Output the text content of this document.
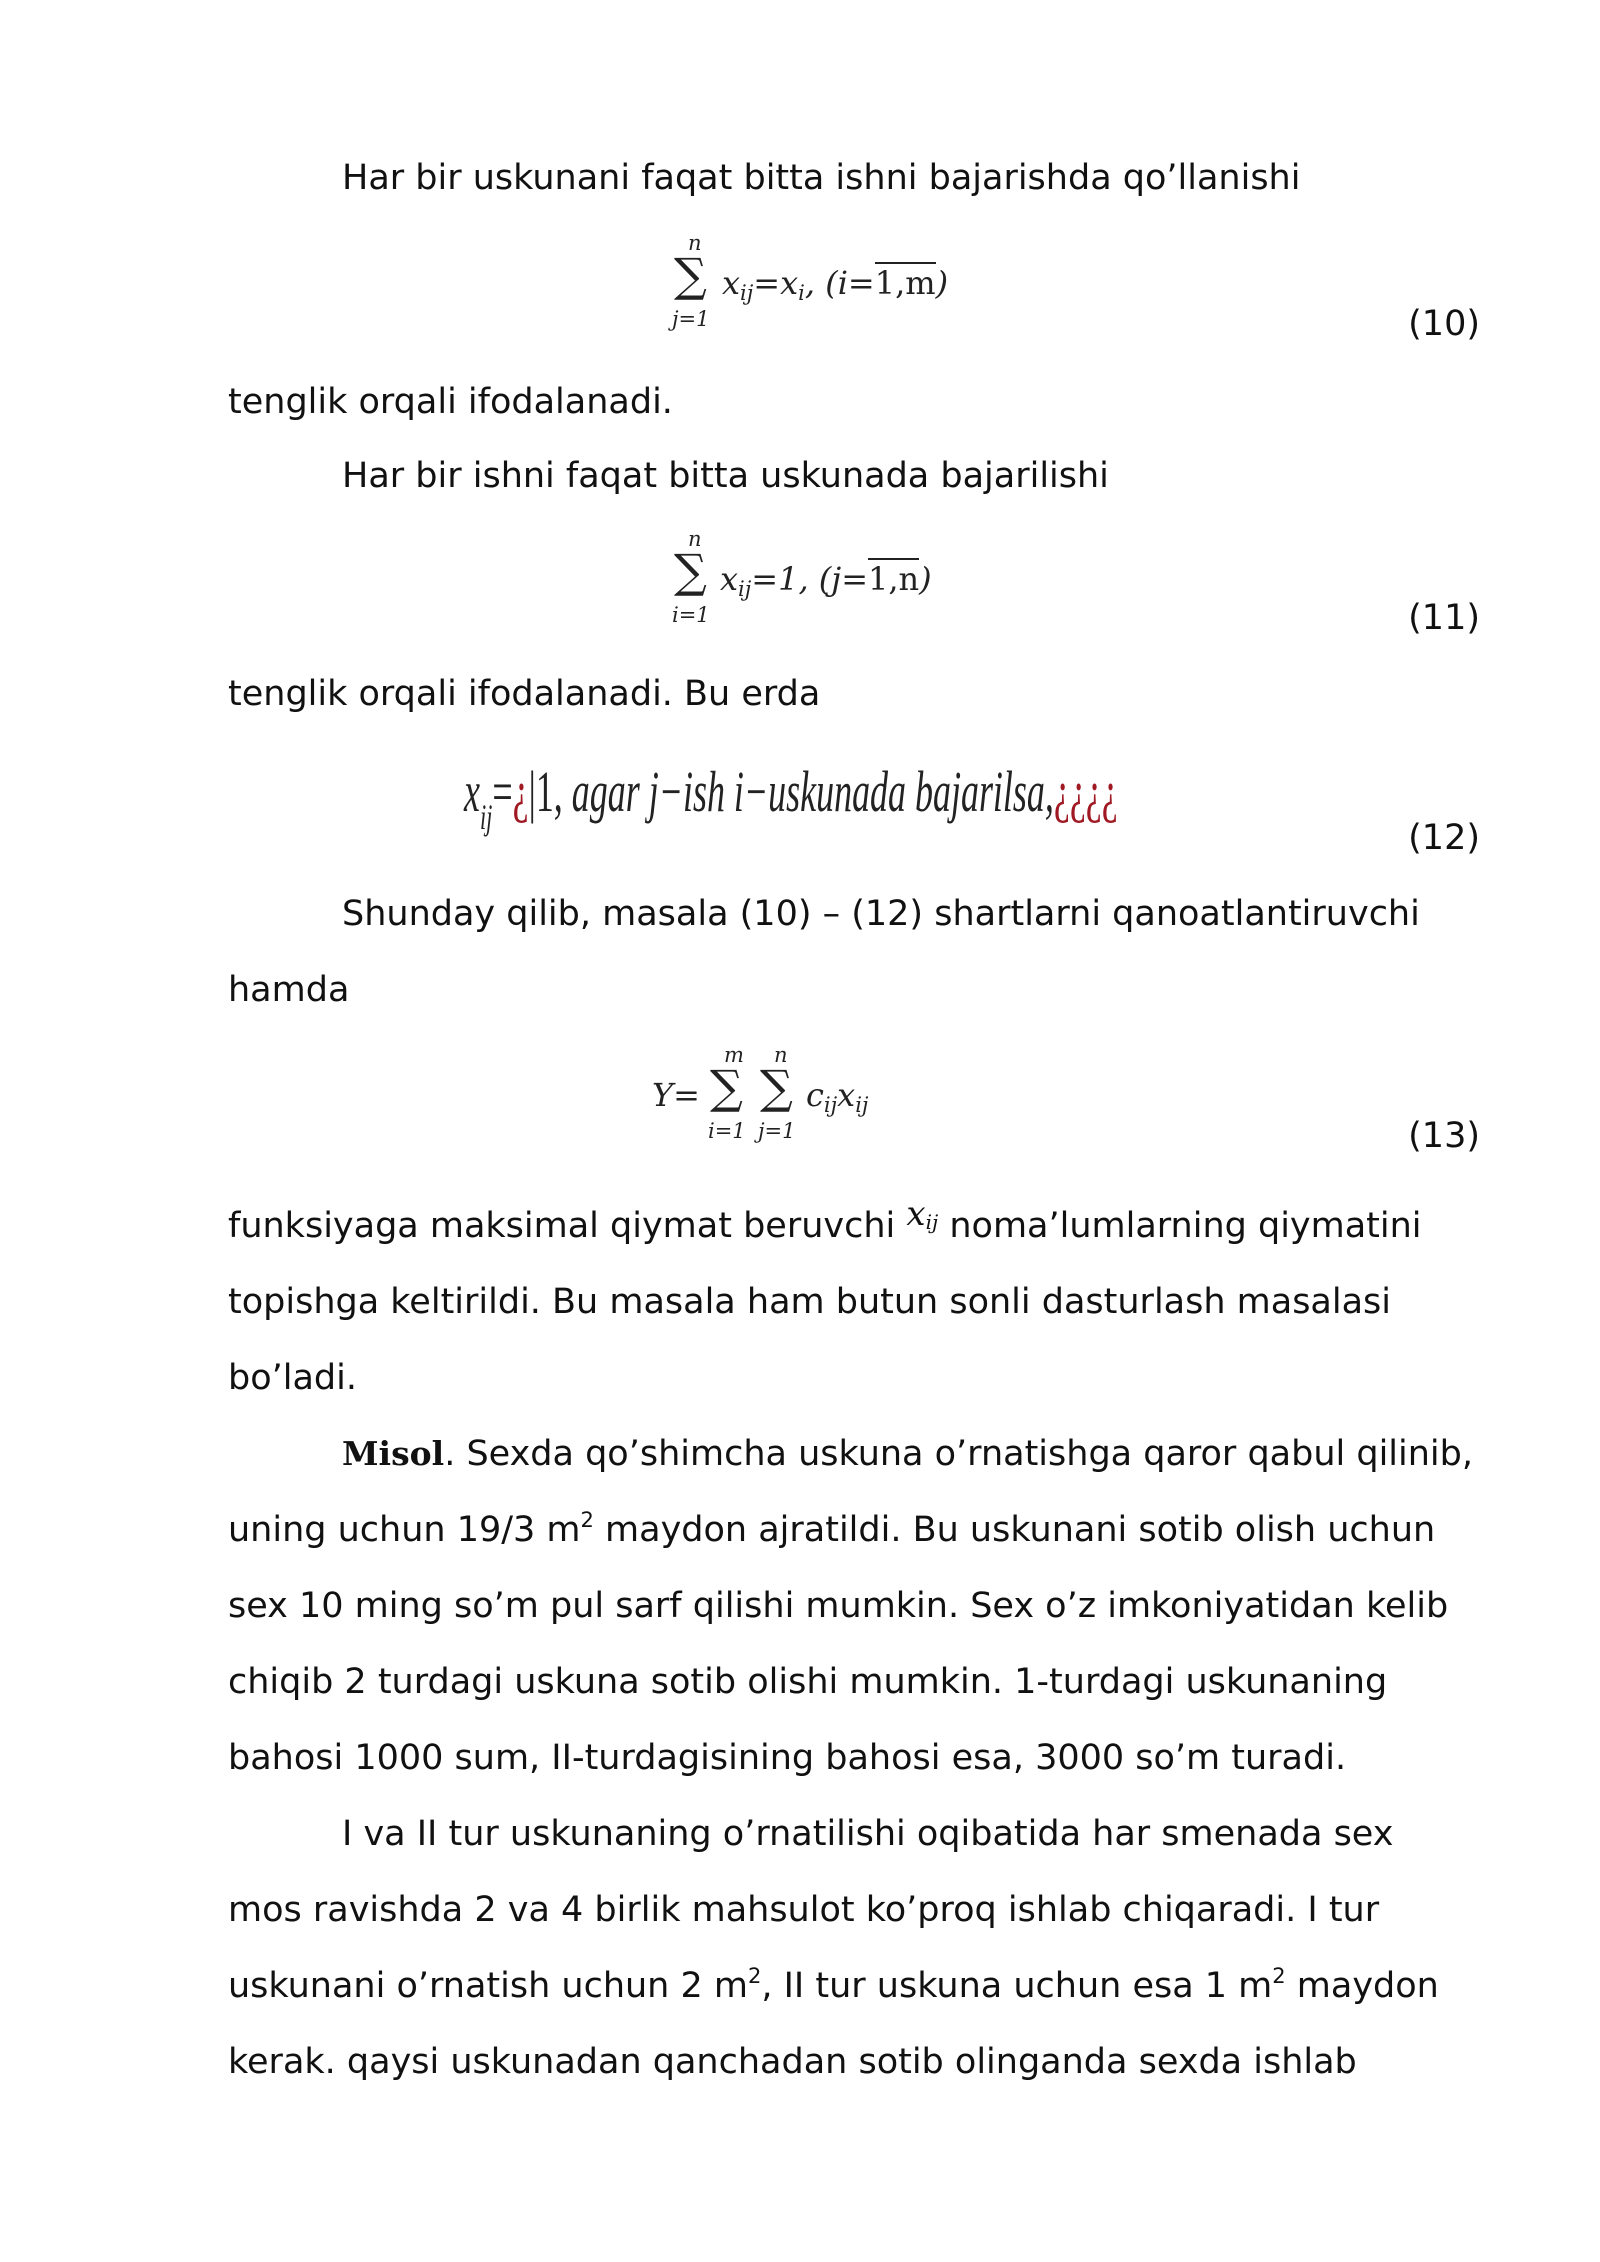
Har bir uskunani faqat bitta ishni bajarishda qo’llanishi
n
∑
j=1
$x_{ij}=x_i$, (i=1,m)
(10)
tenglik orqali ifodalanadi.
Har bir ishni faqat bitta uskunada bajarilishi
n
∑
i=1
$x_{ij}=1$, (j=1,n)
(11)
tenglik orqali ifodalanadi. Bu erda
$x_{ij}=¿|1$, agar j−ish i−uskunada bajarilsa,¿¿¿¿
(12)
Shunday qilib, masala (10) – (12) shartlarni qanoatlantiruvchi
hamda
Y=
m
∑
i=1
n
∑
j=1
$c_{ij}x_{ij}$
(13)
funksiyaga maksimal qiymat beruvchi xij noma’lumlarning qiymatini
topishga keltirildi. Bu masala ham butun sonli dasturlash masalasi
bo’ladi.
Misol. Sexda qo’shimcha uskuna o’rnatishga qaror qabul qilinib,
uning uchun 19/3 $m^2$ maydon ajratildi. Bu uskunani sotib olish uchun
sex 10 ming so’m pul sarf qilishi mumkin. Sex o’z imkoniyatidan kelib
chiqib 2 turdagi uskuna sotib olishi mumkin. 1-turdagi uskunaning
bahosi 1000 sum, II-turdagisining bahosi esa, 3000 so’m turadi.
I va II tur uskunaning o’rnatilishi oqibatida har smenada sex
mos ravishda 2 va 4 birlik mahsulot ko’proq ishlab chiqaradi. I tur
uskunani o’rnatish uchun 2 $m^2$, II tur uskuna uchun esa 1 $m^2$ maydon
kerak. qaysi uskunadan qanchadan sotib olinganda sexda ishlab
